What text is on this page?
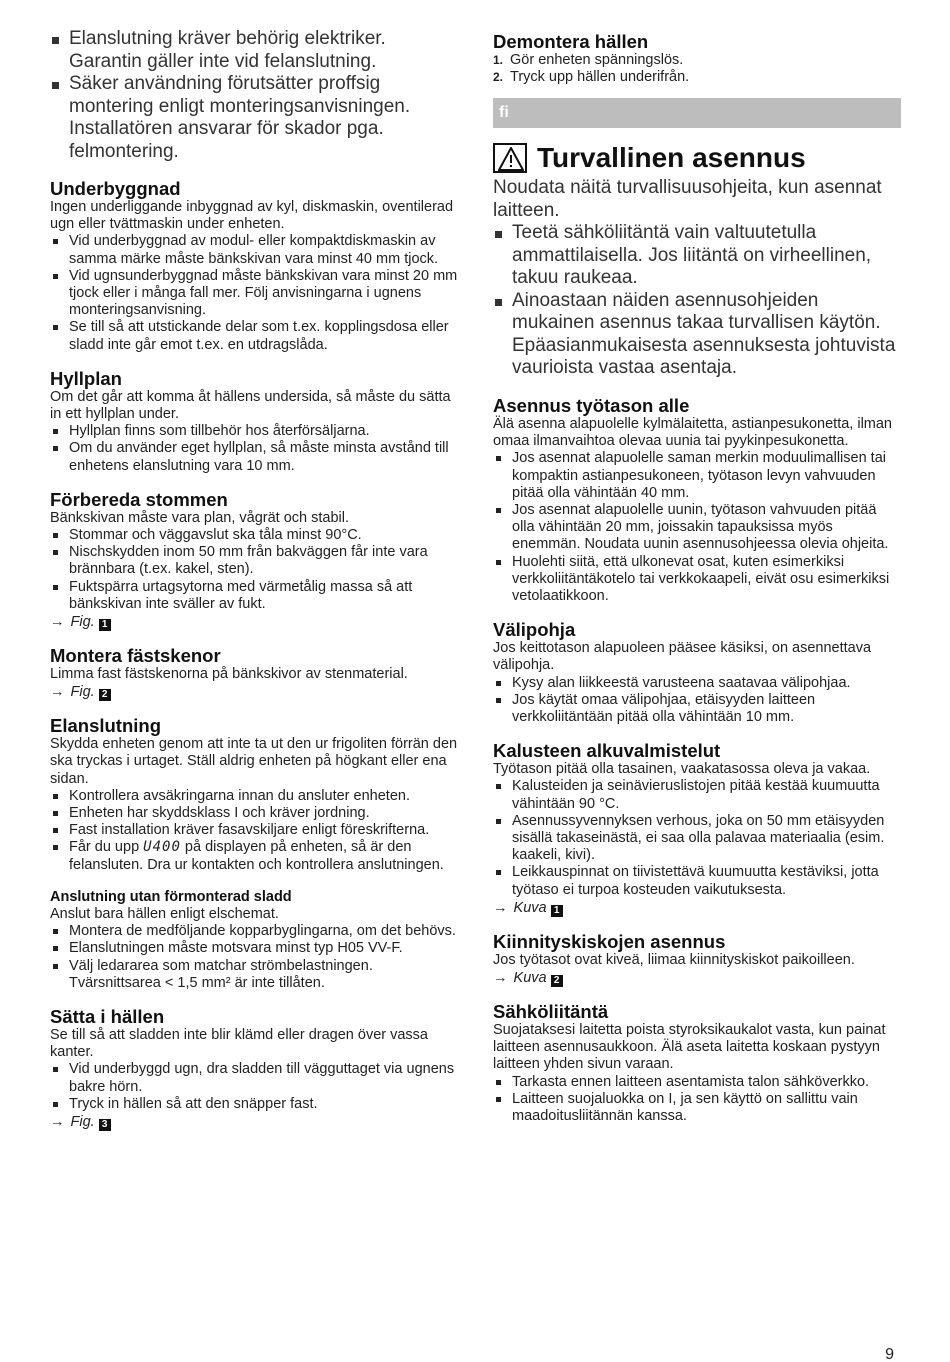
Elanslutning kräver behörig elektriker. Garantin gäller inte vid felanslutning.
Säker användning förutsätter proffsig montering enligt monteringsanvisningen. Installatören ansvarar för skador pga. felmontering.
Underbyggnad

Ingen underliggande inbyggnad av kyl, diskmaskin, oventilerad ugn eller tvättmaskin under enheten.

Vid underbyggnad av modul- eller kompaktdiskmaskin av samma märke måste bänkskivan vara minst 40 mm tjock.
Vid ugnsunderbyggnad måste bänkskivan vara minst 20 mm tjock eller i många fall mer. Följ anvisningarna i ugnens monteringsanvisning.
Se till så att utstickande delar som t.ex. kopplingsdosa eller sladd inte går emot t.ex. en utdragslåda.
Hyllplan

Om det går att komma åt hällens undersida, så måste du sätta in ett hyllplan under.

Hyllplan finns som tillbehör hos återförsäljarna.
Om du använder eget hyllplan, så måste minsta avstånd till enhetens elanslutning vara 10 mm.
Förbereda stommen

Bänkskivan måste vara plan, vågrät och stabil.

Stommar och väggavslut ska tåla minst 90°C.
Nischskydden inom 50 mm från bakväggen får inte vara brännbara (t.ex. kakel, sten).
Fuktspärra urtagsytorna med värmetålig massa så att bänkskivan inte sväller av fukt.
→ Fig. 1
Montera fästskenor

Limma fast fästskenorna på bänkskivor av stenmaterial.

→ Fig. 2
Elanslutning

Skydda enheten genom att inte ta ut den ur frigoliten förrän den ska tryckas i urtaget. Ställ aldrig enheten på högkant eller ena sidan.

Kontrollera avsäkringarna innan du ansluter enheten.
Enheten har skyddsklass I och kräver jordning.
Fast installation kräver fasavskiljare enligt föreskrifterna.
Får du upp U400 på displayen på enheten, så är den felansluten. Dra ur kontakten och kontrollera anslutningen.
Anslutning utan förmonterad sladd

Anslut bara hällen enligt elschemat.

Montera de medföljande kopparbyglingarna, om det behövs.
Elanslutningen måste motsvara minst typ H05 VV-F.
Välj ledararea som matchar strömbelastningen. Tvärsnittsarea < 1,5 mm² är inte tillåten.
Sätta i hällen

Se till så att sladden inte blir klämd eller dragen över vassa kanter.

Vid underbyggd ugn, dra sladden till vägguttaget via ugnens bakre hörn.
Tryck in hällen så att den snäpper fast.
→ Fig. 3
Demontera hällen
1. Gör enheten spänningslös.
2. Tryck upp hällen underifrån.
fi
Turvallinen asennus

Noudata näitä turvallisuusohjeita, kun asennat laitteen.

Teetä sähköliitäntä vain valtuutetulla ammattilaisella. Jos liitäntä on virheellinen, takuu raukeaa.
Ainoastaan näiden asennusohjeiden mukainen asennus takaa turvallisen käytön. Epäasianmukaisesta asennuksesta johtuvista vaurioista vastaa asentaja.
Asennus työtason alle

Älä asenna alapuolelle kylmälaitetta, astianpesukonetta, ilman omaa ilmanvaihtoa olevaa uunia tai pyykinpesukonetta.

Jos asennat alapuolelle saman merkin moduulimallisen tai kompaktin astianpesukoneen, työtason levyn vahvuuden pitää olla vähintään 40 mm.
Jos asennat alapuolelle uunin, työtason vahvuuden pitää olla vähintään 20 mm, joissakin tapauksissa myös enemmän. Noudata uunin asennusohjeessa olevia ohjeita.
Huolehti siitä, että ulkonevat osat, kuten esimerkiksi verkkoliitäntäkotelo tai verkkokaapeli, eivät osu esimerkiksi vetolaatikkoon.
Välipohja

Jos keittotason alapuoleen pääsee käsiksi, on asennettava välipohja.

Kysy alan liikkeestä varusteena saatavaa välipohjaa.
Jos käytät omaa välipohjaa, etäisyyden laitteen verkkoliitäntään pitää olla vähintään 10 mm.
Kalusteen alkuvalmistelut

Työtason pitää olla tasainen, vaakatasossa oleva ja vakaa.

Kalusteiden ja seinävieruslistojen pitää kestää kuumuutta vähintään 90 °C.
Asennussyvennyksen verhous, joka on 50 mm etäisyyden sisällä takaseinästä, ei saa olla palavaa materiaalia (esim. kaakeli, kivi).
Leikkauspinnat on tiivistettävä kuumuutta kestäviksi, jotta työtaso ei turpoa kosteuden vaikutuksesta.
→ Kuva 1
Kiinnityskiskojen asennus

Jos työtasot ovat kiveä, liimaa kiinnityskiskot paikoilleen.

→ Kuva 2
Sähköliitäntä

Suojataksesi laitetta poista styroksikaukalot vasta, kun painat laitteen asennusaukkoon. Älä aseta laitetta koskaan pystyyn laitteen yhden sivun varaan.

Tarkasta ennen laitteen asentamista talon sähköverkko.
Laitteen suojaluokka on I, ja sen käyttö on sallittu vain maadoitusliitännän kanssa.
9
